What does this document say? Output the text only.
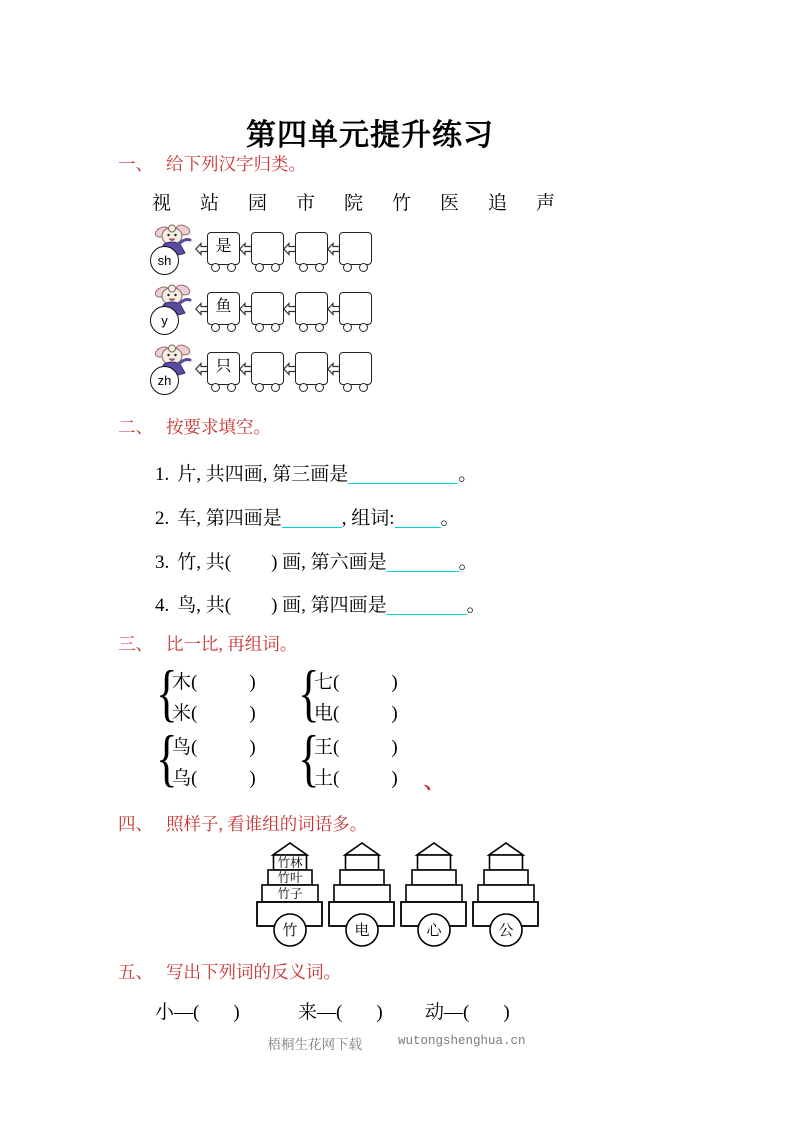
第四单元提升练习
一、 给下列汉字归类。
视 站 园 市 院 竹 医 追 声
sh
是
y
鱼
zh
只
二、 按要求填空。
1. 片, 共四画, 第三画是	。
2. 车, 第四画是	, 组词: 。
3. 竹, 共( ) 画, 第六画是	。
4. 鸟, 共( ) 画, 第四画是	。
三、 比一比, 再组词。
{
木(	)
米(	) {
七(	)
电(	)
{
鸟(	)
乌(	) {
王(	)
土(	)	、
四、 照样子, 看谁组的词语多。
竹林
竹叶
竹子
竹	电	心	公
五、 写出下列词的反义词。
小—( )	来—( ) 动—( )
梧桐生花网下载	wutongshenghua.cn
